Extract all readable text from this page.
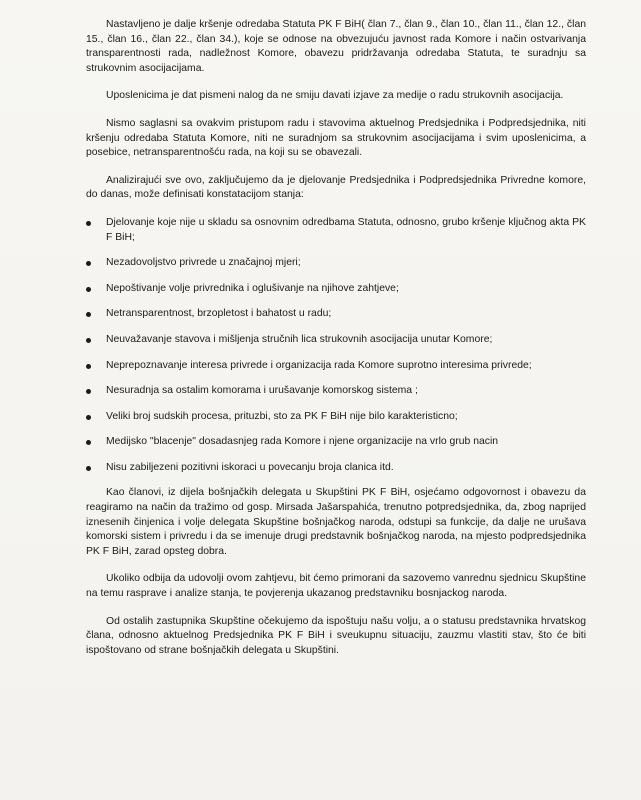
Nastavljeno je dalje kršenje odredaba Statuta PK F BiH( član 7., član 9., član 10., član 11., član 12., član 15., član 16., član 22., član 34.), koje se odnose na obvezujuću javnost rada Komore i način ostvarivanja transparentnosti rada, nadležnost Komore, obavezu pridržavanja odredaba Statuta, te suradnju sa strukovnim asocijacijama.

Uposlenicima je dat pismeni nalog da ne smiju davati izjave za medije o radu strukovnih asocijacija.

Nismo saglasni sa ovakvim pristupom radu i stavovima aktuelnog Predsjednika i Podpredsjednika, niti kršenju odredaba Statuta Komore, niti ne suradnjom sa strukovnim asocijacijama i svim uposlenicima, a posebice, netransparentnošću rada, na koji su se obavezali.

Analizirajući sve ovo, zaključujemo da je djelovanje Predsjednika i Podpredsjednika Privredne komore, do danas, može definisati konstatacijom stanja:

Djelovanje koje nije u skladu sa osnovnim odredbama Statuta, odnosno, grubo kršenje ključnog akta PK F BiH;
Nezadovoljstvo privrede u značajnoj mjeri;
Nepoštivanje volje privrednika i oglušivanje na njihove zahtjeve;
Netransparentnost, brzopletost i bahatost u radu;
Neuvažavanje stavova i mišljenja stručnih lica strukovnih asocijacija unutar Komore;
Neprepoznavanje interesa privrede i organizacija rada Komore suprotno interesima privrede;
Nesuradnja sa ostalim komorama i urušavanje komorskog sistema ;
Veliki broj sudskih procesa, prituzbi, sto za PK F BiH nije bilo karakteristicno;
Medijsko "blacenje" dosadasnjeg rada Komore i njene organizacije na vrlo grub nacin
Nisu zabiljezeni pozitivni iskoraci u povecanju broja clanica itd.

Kao članovi, iz dijela bošnjačkih delegata u Skupštini PK F BiH, osjećamo odgovornost i obavezu da reagiramo na način da tražimo od gosp. Mirsada Jašarspahića, trenutno potpredsjednika, da, zbog naprijed iznesenih činjenica i volje delegata Skupštine bošnjačkog naroda, odstupi sa funkcije, da dalje ne urušava komorski sistem i privredu i da se imenuje drugi predstavnik bošnjačkog naroda, na mjesto podpredsjednika PK F BiH, zarad opsteg dobra.

Ukoliko odbija da udovolji ovom zahtjevu, bit ćemo primorani da sazovemo vanrednu sjednicu Skupštine na temu rasprave i analize stanja, te povjerenja ukazanog predstavniku bosnjackog naroda.

Od ostalih zastupnika Skupštine očekujemo da ispoštuju našu volju, a o statusu predstavnika hrvatskog člana, odnosno aktuelnog Predsjednika PK F BiH i sveukupnu situaciju, zauzmu vlastiti stav, što će biti ispoštovano od strane bošnjačkih delegata u Skupštini.
